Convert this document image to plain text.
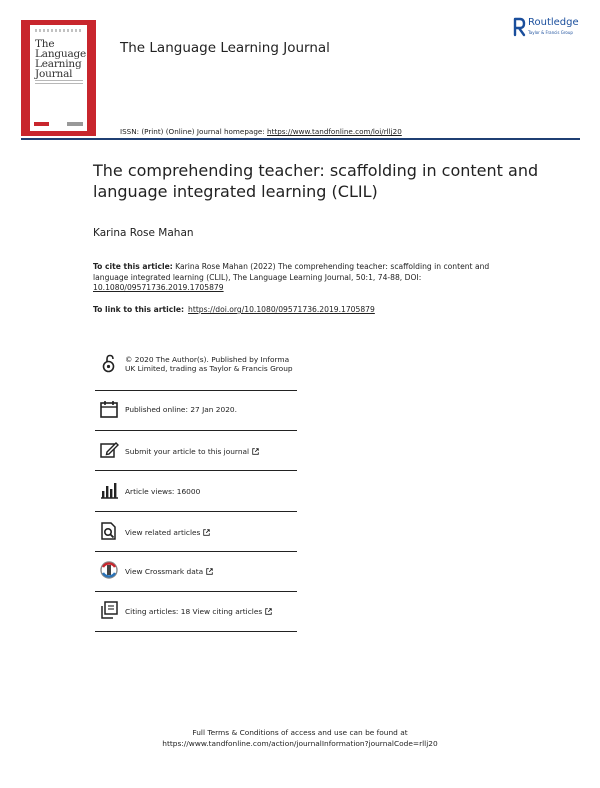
The
Language
Learning
Journal
The Language Learning Journal
ISSN: (Print) (Online) Journal homepage: https://www.tandfonline.com/loi/rllj20
Routledge
Taylor & Francis Group
The comprehending teacher: scaffolding in content and language integrated learning (CLIL)
Karina Rose Mahan
To cite this article: Karina Rose Mahan (2022) The comprehending teacher: scaffolding in content and language integrated learning (CLIL), The Language Learning Journal, 50:1, 74-88, DOI: 10.1080/09571736.2019.1705879
To link to this article: https://doi.org/10.1080/09571736.2019.1705879
© 2020 The Author(s). Published by Informa UK Limited, trading as Taylor & Francis Group
Published online: 27 Jan 2020.
Submit your article to this journal
Article views: 16000
View related articles
View Crossmark data
Citing articles: 18 View citing articles
Full Terms & Conditions of access and use can be found at
https://www.tandfonline.com/action/journalInformation?journalCode=rllj20
